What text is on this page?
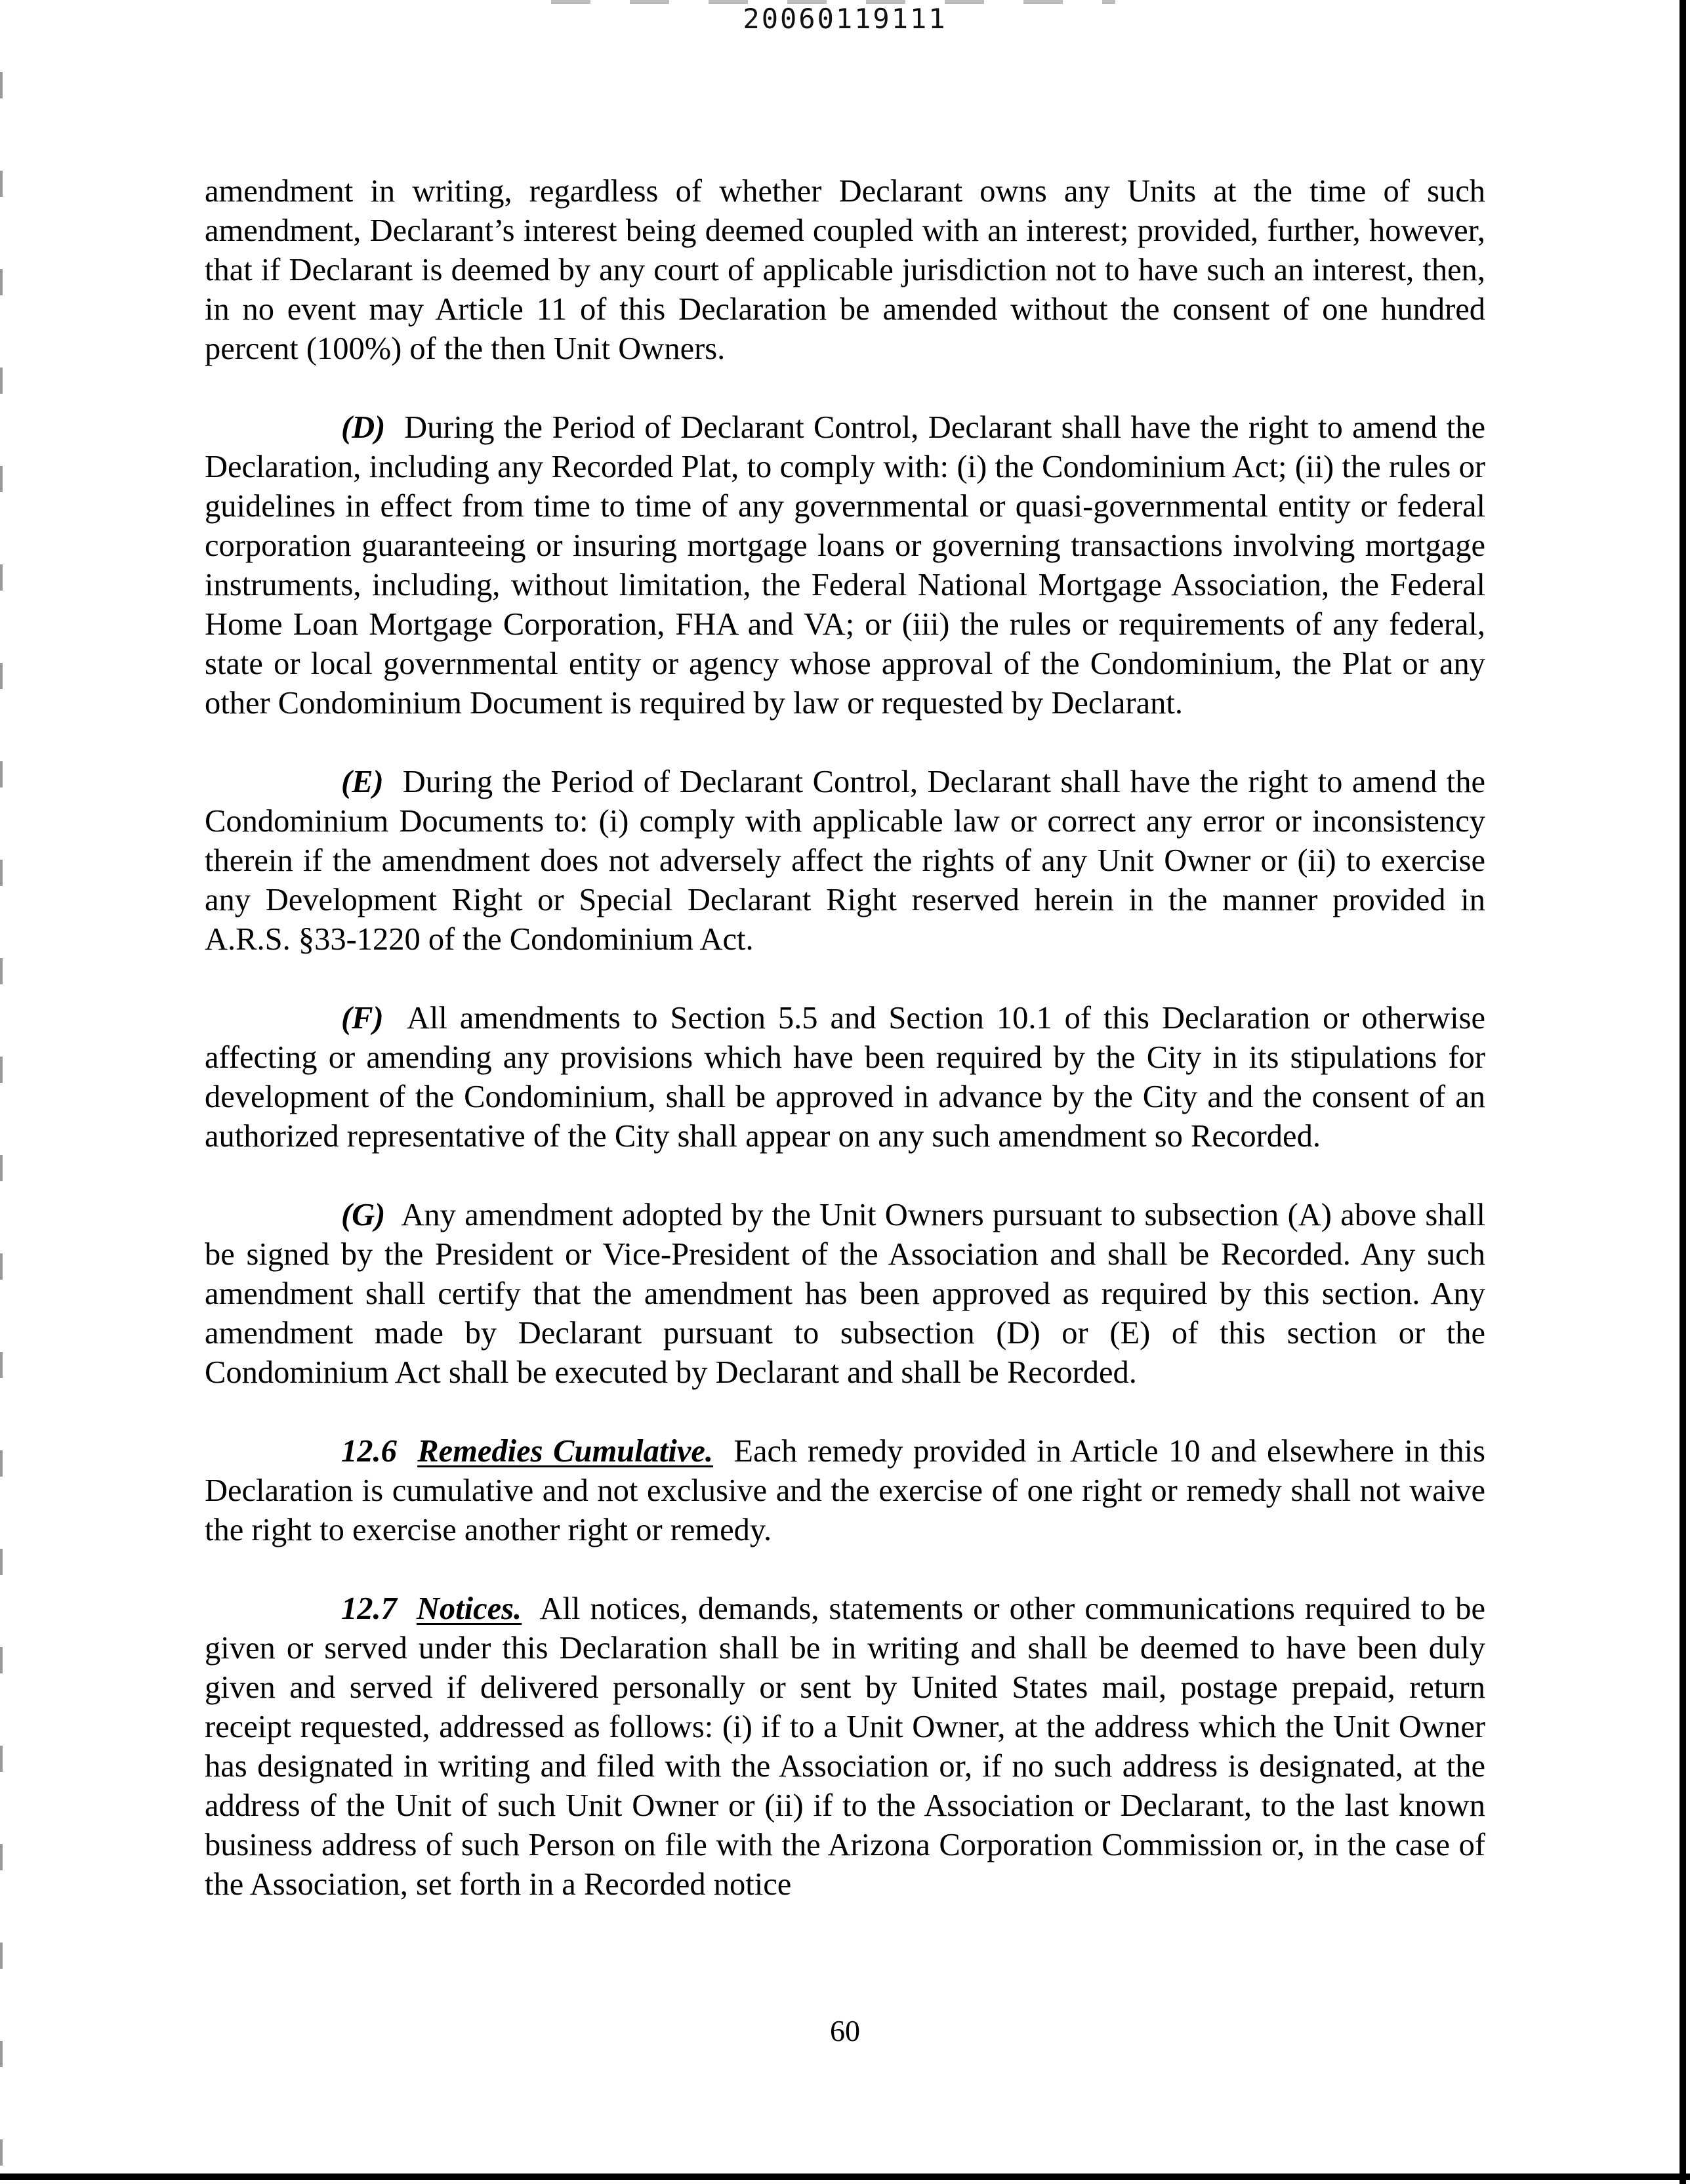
20060119111

amendment in writing, regardless of whether Declarant owns any Units at the time of such amendment, Declarant’s interest being deemed coupled with an interest; provided, further, however, that if Declarant is deemed by any court of applicable jurisdiction not to have such an interest, then, in no event may Article 11 of this Declaration be amended without the consent of one hundred percent (100%) of the then Unit Owners.

(D) During the Period of Declarant Control, Declarant shall have the right to amend the Declaration, including any Recorded Plat, to comply with: (i) the Condominium Act; (ii) the rules or guidelines in effect from time to time of any governmental or quasi-governmental entity or federal corporation guaranteeing or insuring mortgage loans or governing transactions involving mortgage instruments, including, without limitation, the Federal National Mortgage Association, the Federal Home Loan Mortgage Corporation, FHA and VA; or (iii) the rules or requirements of any federal, state or local governmental entity or agency whose approval of the Condominium, the Plat or any other Condominium Document is required by law or requested by Declarant.

(E) During the Period of Declarant Control, Declarant shall have the right to amend the Condominium Documents to: (i) comply with applicable law or correct any error or inconsistency therein if the amendment does not adversely affect the rights of any Unit Owner or (ii) to exercise any Development Right or Special Declarant Right reserved herein in the manner provided in A.R.S. §33-1220 of the Condominium Act.

(F) All amendments to Section 5.5 and Section 10.1 of this Declaration or otherwise affecting or amending any provisions which have been required by the City in its stipulations for development of the Condominium, shall be approved in advance by the City and the consent of an authorized representative of the City shall appear on any such amendment so Recorded.

(G) Any amendment adopted by the Unit Owners pursuant to subsection (A) above shall be signed by the President or Vice-President of the Association and shall be Recorded. Any such amendment shall certify that the amendment has been approved as required by this section. Any amendment made by Declarant pursuant to subsection (D) or (E) of this section or the Condominium Act shall be executed by Declarant and shall be Recorded.

12.6 Remedies Cumulative. Each remedy provided in Article 10 and elsewhere in this Declaration is cumulative and not exclusive and the exercise of one right or remedy shall not waive the right to exercise another right or remedy.

12.7 Notices. All notices, demands, statements or other communications required to be given or served under this Declaration shall be in writing and shall be deemed to have been duly given and served if delivered personally or sent by United States mail, postage prepaid, return receipt requested, addressed as follows: (i) if to a Unit Owner, at the address which the Unit Owner has designated in writing and filed with the Association or, if no such address is designated, at the address of the Unit of such Unit Owner or (ii) if to the Association or Declarant, to the last known business address of such Person on file with the Arizona Corporation Commission or, in the case of the Association, set forth in a Recorded notice

60
